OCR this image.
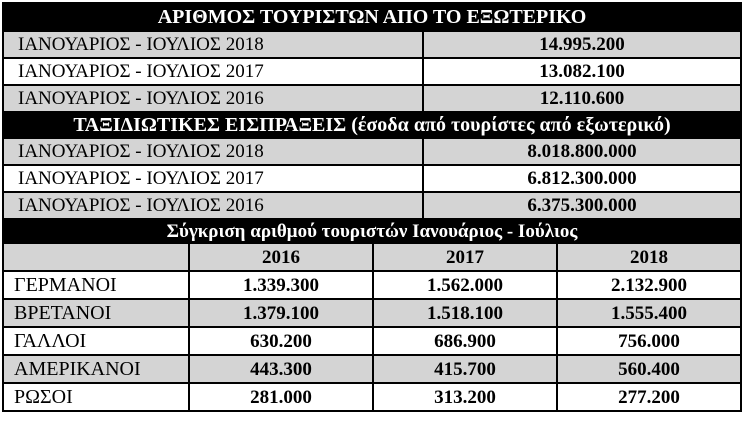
ΑΡΙΘΜΟΣ ΤΟΥΡΙΣΤΩΝ ΑΠΟ ΤΟ ΕΞΩΤΕΡΙΚΟ	
ΙΑΝΟΥΑΡΙΟΣ - ΙΟΥΛΙΟΣ 2018	14.995.200
ΙΑΝΟΥΑΡΙΟΣ - ΙΟΥΛΙΟΣ 2017	13.082.100
ΙΑΝΟΥΑΡΙΟΣ - ΙΟΥΛΙΟΣ 2016	12.110.600
ΤΑΞΙΔΙΩΤΙΚΕΣ ΕΙΣΠΡΑΞΕΙΣ (έσοδα από τουρίστες από εξωτερικό)	
ΙΑΝΟΥΑΡΙΟΣ - ΙΟΥΛΙΟΣ 2018	8.018.800.000
ΙΑΝΟΥΑΡΙΟΣ - ΙΟΥΛΙΟΣ 2017	6.812.300.000
ΙΑΝΟΥΑΡΙΟΣ - ΙΟΥΛΙΟΣ 2016	6.375.300.000
Σύγκριση αριθμού τουριστών Ιανουάριος - Ιούλιος			
	2016	2017	2018
ΓΕΡΜΑΝΟΙ	1.339.300	1.562.000	2.132.900
ΒΡΕΤΑΝΟΙ	1.379.100	1.518.100	1.555.400
ΓΑΛΛΟΙ	630.200	686.900	756.000
ΑΜΕΡΙΚΑΝΟΙ	443.300	415.700	560.400
ΡΩΣΟΙ	281.000	313.200	277.200
